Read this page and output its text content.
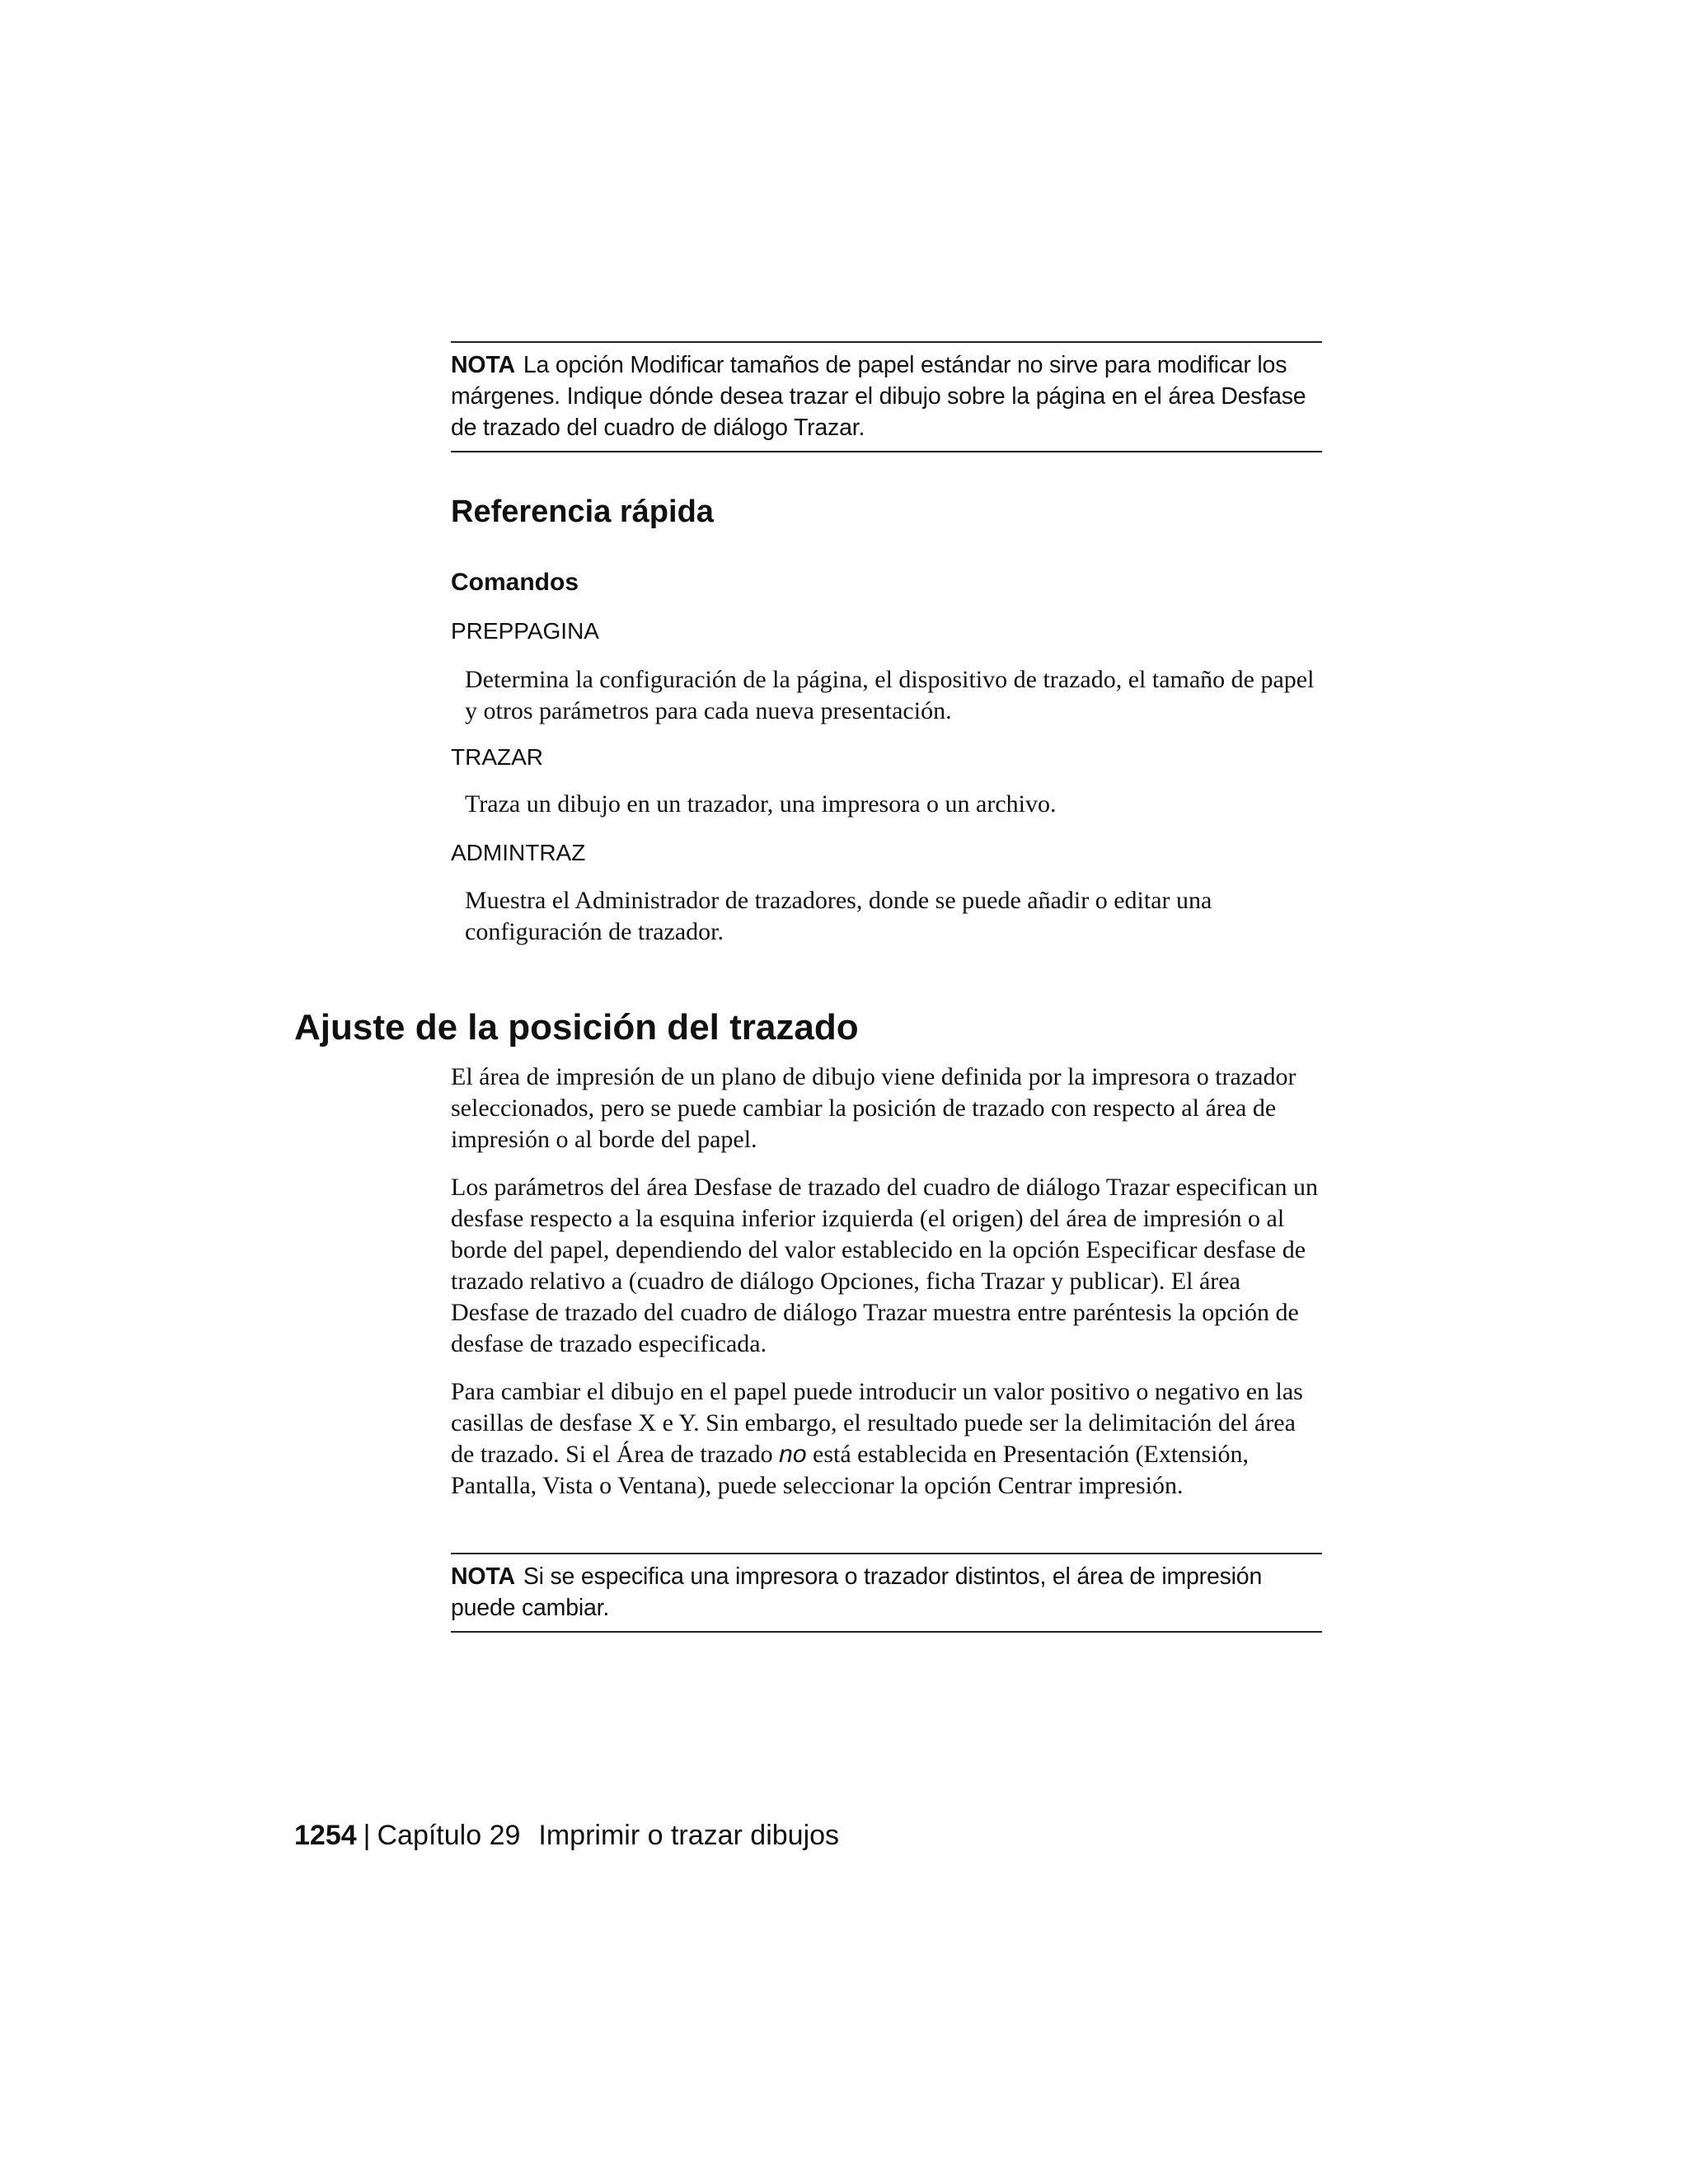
NOTA La opción Modificar tamaños de papel estándar no sirve para modificar los márgenes. Indique dónde desea trazar el dibujo sobre la página en el área Desfase de trazado del cuadro de diálogo Trazar.
Referencia rápida
Comandos
PREPPAGINA

Determina la configuración de la página, el dispositivo de trazado, el tamaño de papel y otros parámetros para cada nueva presentación.

TRAZAR

Traza un dibujo en un trazador, una impresora o un archivo.

ADMINTRAZ

Muestra el Administrador de trazadores, donde se puede añadir o editar una configuración de trazador.

Ajuste de la posición del trazado

El área de impresión de un plano de dibujo viene definida por la impresora o trazador seleccionados, pero se puede cambiar la posición de trazado con respecto al área de impresión o al borde del papel.

Los parámetros del área Desfase de trazado del cuadro de diálogo Trazar especifican un desfase respecto a la esquina inferior izquierda (el origen) del área de impresión o al borde del papel, dependiendo del valor establecido en la opción Especificar desfase de trazado relativo a (cuadro de diálogo Opciones, ficha Trazar y publicar). El área Desfase de trazado del cuadro de diálogo Trazar muestra entre paréntesis la opción de desfase de trazado especificada.

Para cambiar el dibujo en el papel puede introducir un valor positivo o negativo en las casillas de desfase X e Y. Sin embargo, el resultado puede ser la delimitación del área de trazado. Si el Área de trazado no está establecida en Presentación (Extensión, Pantalla, Vista o Ventana), puede seleccionar la opción Centrar impresión.

NOTA Si se especifica una impresora o trazador distintos, el área de impresión puede cambiar.
1254 | Capítulo 29 Imprimir o trazar dibujos
